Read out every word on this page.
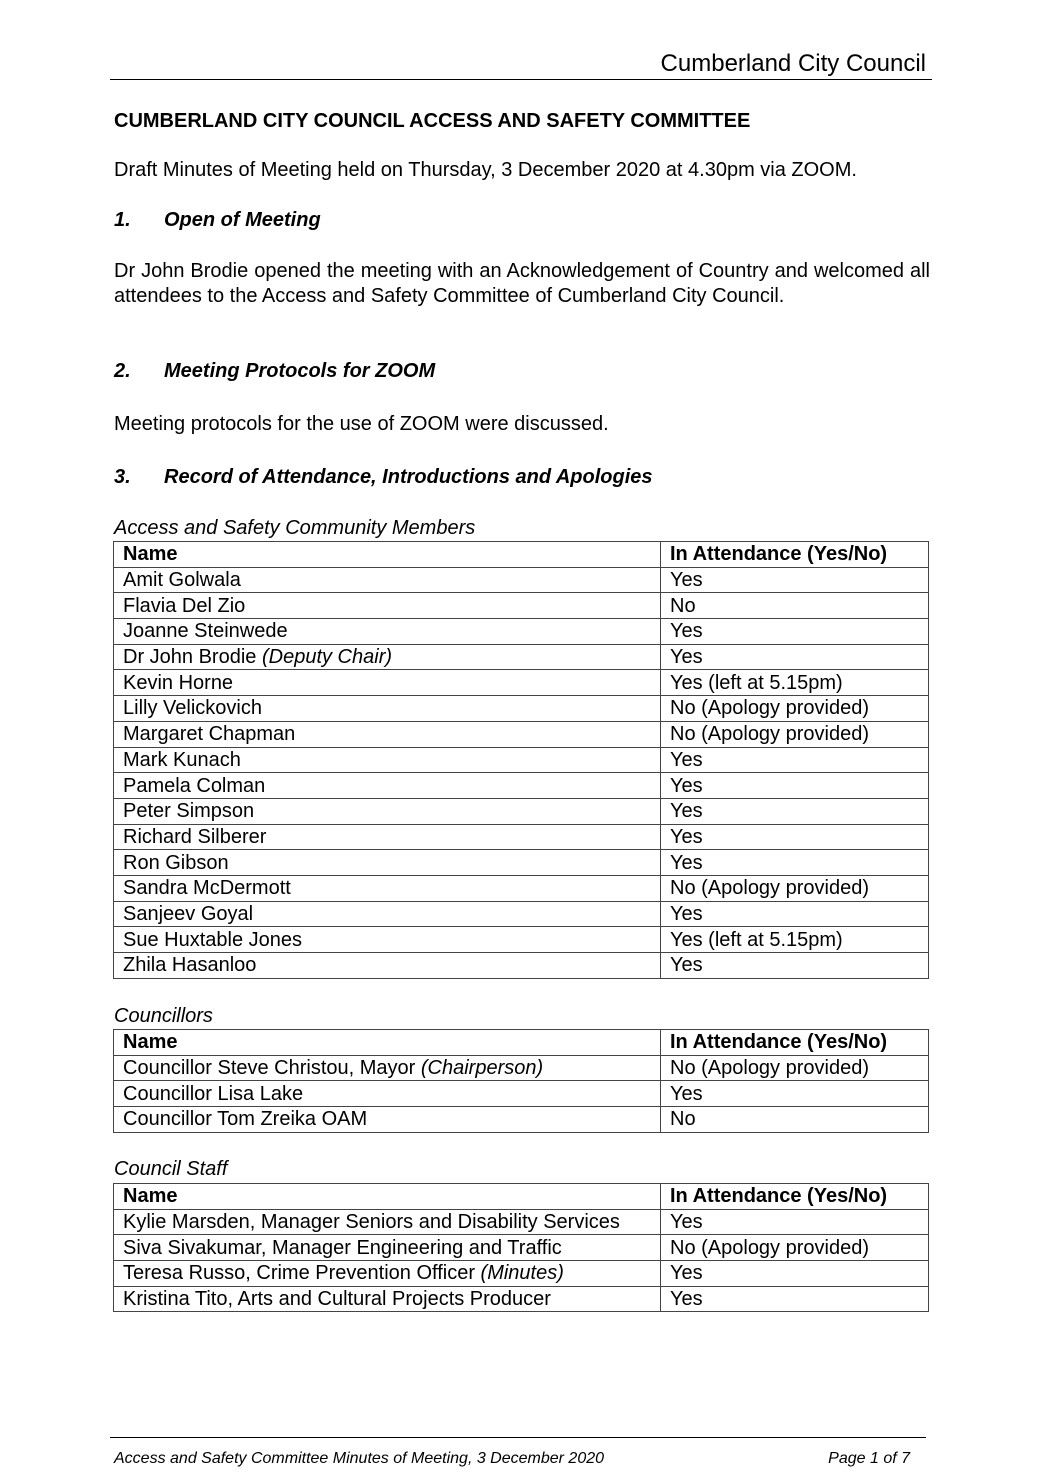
Cumberland City Council
CUMBERLAND CITY COUNCIL ACCESS AND SAFETY COMMITTEE
Draft Minutes of Meeting held on Thursday, 3 December 2020 at 4.30pm via ZOOM.
1. Open of Meeting
Dr John Brodie opened the meeting with an Acknowledgement of Country and welcomed all attendees to the Access and Safety Committee of Cumberland City Council.
2. Meeting Protocols for ZOOM
Meeting protocols for the use of ZOOM were discussed.
3. Record of Attendance, Introductions and Apologies
Access and Safety Community Members
Name	In Attendance (Yes/No)
Amit Golwala	Yes
Flavia Del Zio	No
Joanne Steinwede	Yes
Dr John Brodie (Deputy Chair)	Yes
Kevin Horne	Yes (left at 5.15pm)
Lilly Velickovich	No (Apology provided)
Margaret Chapman	No (Apology provided)
Mark Kunach	Yes
Pamela Colman	Yes
Peter Simpson	Yes
Richard Silberer	Yes
Ron Gibson	Yes
Sandra McDermott	No (Apology provided)
Sanjeev Goyal	Yes
Sue Huxtable Jones	Yes (left at 5.15pm)
Zhila Hasanloo	Yes
Councillors
Name	In Attendance (Yes/No)
Councillor Steve Christou, Mayor (Chairperson)	No (Apology provided)
Councillor Lisa Lake	Yes
Councillor Tom Zreika OAM	No
Council Staff
Name	In Attendance (Yes/No)
Kylie Marsden, Manager Seniors and Disability Services	Yes
Siva Sivakumar, Manager Engineering and Traffic	No (Apology provided)
Teresa Russo, Crime Prevention Officer (Minutes)	Yes
Kristina Tito, Arts and Cultural Projects Producer	Yes
Access and Safety Committee Minutes of Meeting, 3 December 2020	Page 1 of 7
